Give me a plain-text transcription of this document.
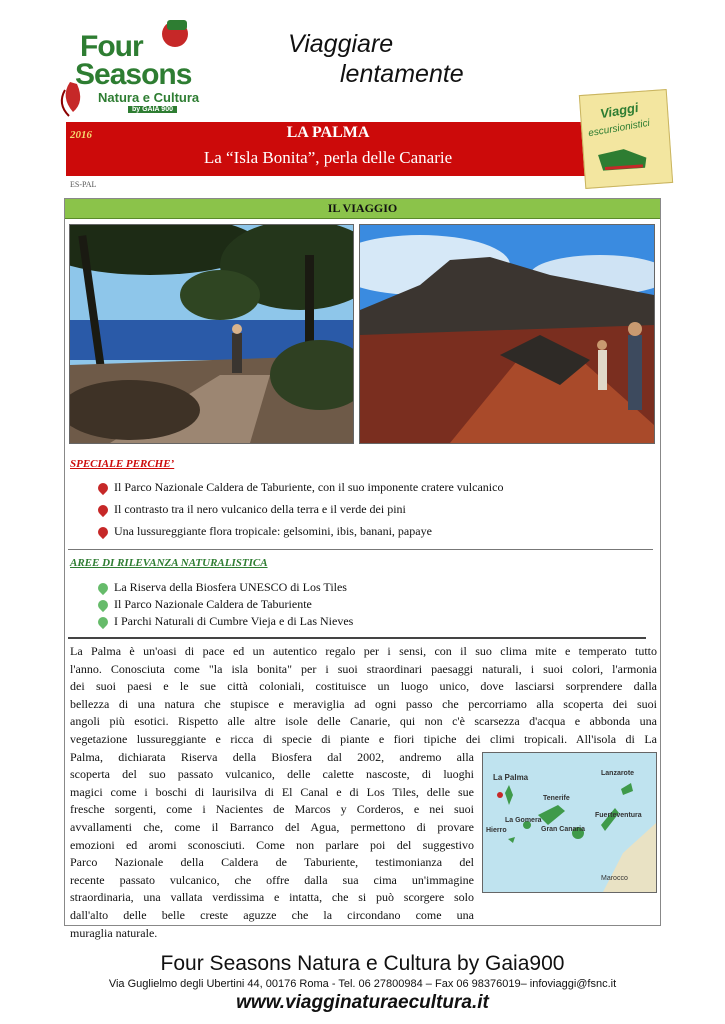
Four
Seasons
Natura e Cultura
by GAIA 900
Viaggiare
lentamente
2016	LA PALMA
La “Isla Bonita”, perla delle Canarie
ES-PAL
Viaggi
escursionistici
IL VIAGGIO
SPECIALE PERCHE’
Il Parco Nazionale Caldera de Taburiente, con il suo imponente cratere vulcanico
Il contrasto tra il nero vulcanico della terra e il verde dei pini
Una lussureggiante flora tropicale: gelsomini, ibis, banani, papaye
AREE DI RILEVANZA NATURALISTICA
La Riserva della Biosfera UNESCO di Los Tiles
Il Parco Nazionale Caldera de Taburiente
I Parchi Naturali di Cumbre Vieja e di Las Nieves
La Palma	Lanzarote
Tenerife
La Gomera
Hierro	Gran Canaria
Fuerteventura
Marocco
La Palma è un'oasi di pace ed un autentico regalo per i sensi, con il suo clima mite e temperato tutto
l'anno. Conosciuta come "la isla bonita" per i suoi straordinari paesaggi naturali, i suoi colori, l'armonia
dei suoi paesi e le sue città coloniali, costituisce un luogo unico, dove lasciarsi sorprendere dalla
bellezza di una natura che stupisce e meraviglia ad ogni passo che percorriamo alla scoperta dei suoi
angoli più esotici. Rispetto alle altre isole delle Canarie, qui non c'è scarsezza d'acqua e abbonda una
vegetazione lussureggiante e ricca di specie di piante e fiori tipiche dei climi tropicali. All'isola di La
Palma, dichiarata Riserva della Biosfera dal 2002, andremo alla
scoperta del suo passato vulcanico, delle calette nascoste, di luoghi
magici come i boschi di laurisilva di El Canal e di Los Tiles, delle sue
fresche sorgenti, come i Nacientes de Marcos y Corderos, e nei suoi
avvallamenti che, come il Barranco del Agua, permettono di provare
emozioni ed aromi sconosciuti. Come non parlare poi del suggestivo
Parco Nazionale della Caldera de Taburiente, testimonianza del
recente passato vulcanico, che offre dalla sua cima un'immagine
straordinaria, una vallata verdissima e intatta, che si può scorgere solo
dall'alto delle belle creste aguzze che la circondano come una
muraglia naturale.
Four Seasons Natura e Cultura by Gaia900
Via Guglielmo degli Ubertini 44, 00176 Roma - Tel. 06 27800984 – Fax 06 98376019– infoviaggi@fsnc.it
www.viagginaturaecultura.it
